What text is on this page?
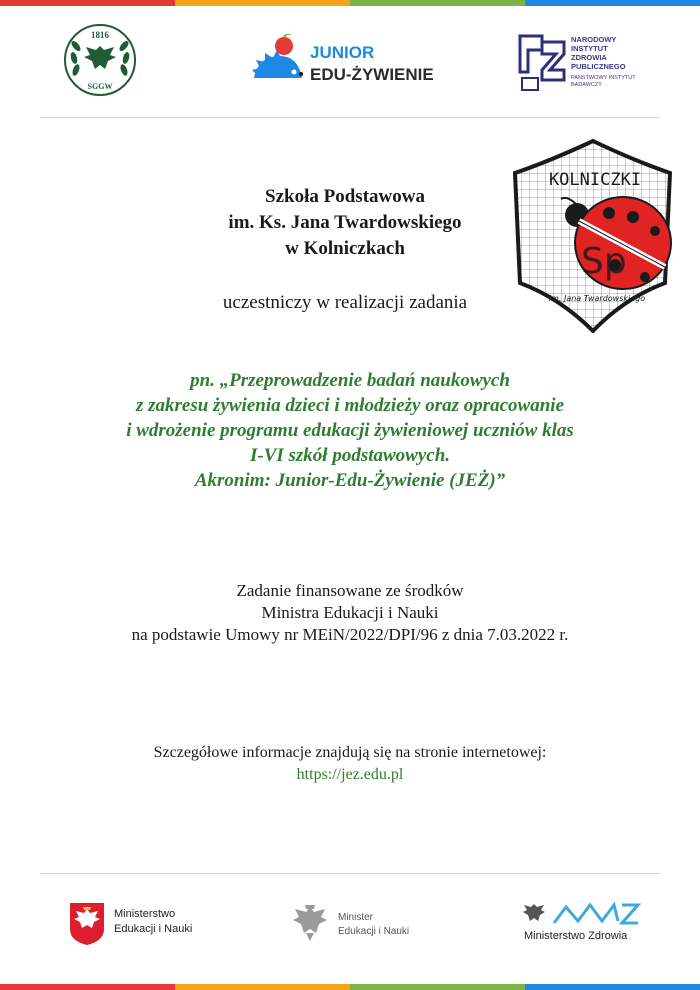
1816
SGGW
JUNIOR
EDU-ŻYWIENIE
NARODOWY
INSTYTUT
ZDROWIA
PUBLICZNEGO
PAŃSTWOWY INSTYTUT
BADAWCZY
Szkoła Podstawowa
im. Ks. Jana Twardowskiego
w Kolniczkach
uczestniczy w realizacji zadania
KOLNICZKI
Sp
im. Jana Twardowskiego
pn. „Przeprowadzenie badań naukowych
z zakresu żywienia dzieci i młodzieży oraz opracowanie
i wdrożenie programu edukacji żywieniowej uczniów klas
I-VI szkół podstawowych.
Akronim: Junior-Edu-Żywienie (JEŻ)”
Zadanie finansowane ze środków
Ministra Edukacji i Nauki
na podstawie Umowy nr MEiN/2022/DPI/96 z dnia 7.03.2022 r.
Szczegółowe informacje znajdują się na stronie internetowej:
https://jez.edu.pl
Ministerstwo
Edukacji i Nauki
Minister
Edukacji i Nauki	Ministerstwo Zdrowia
